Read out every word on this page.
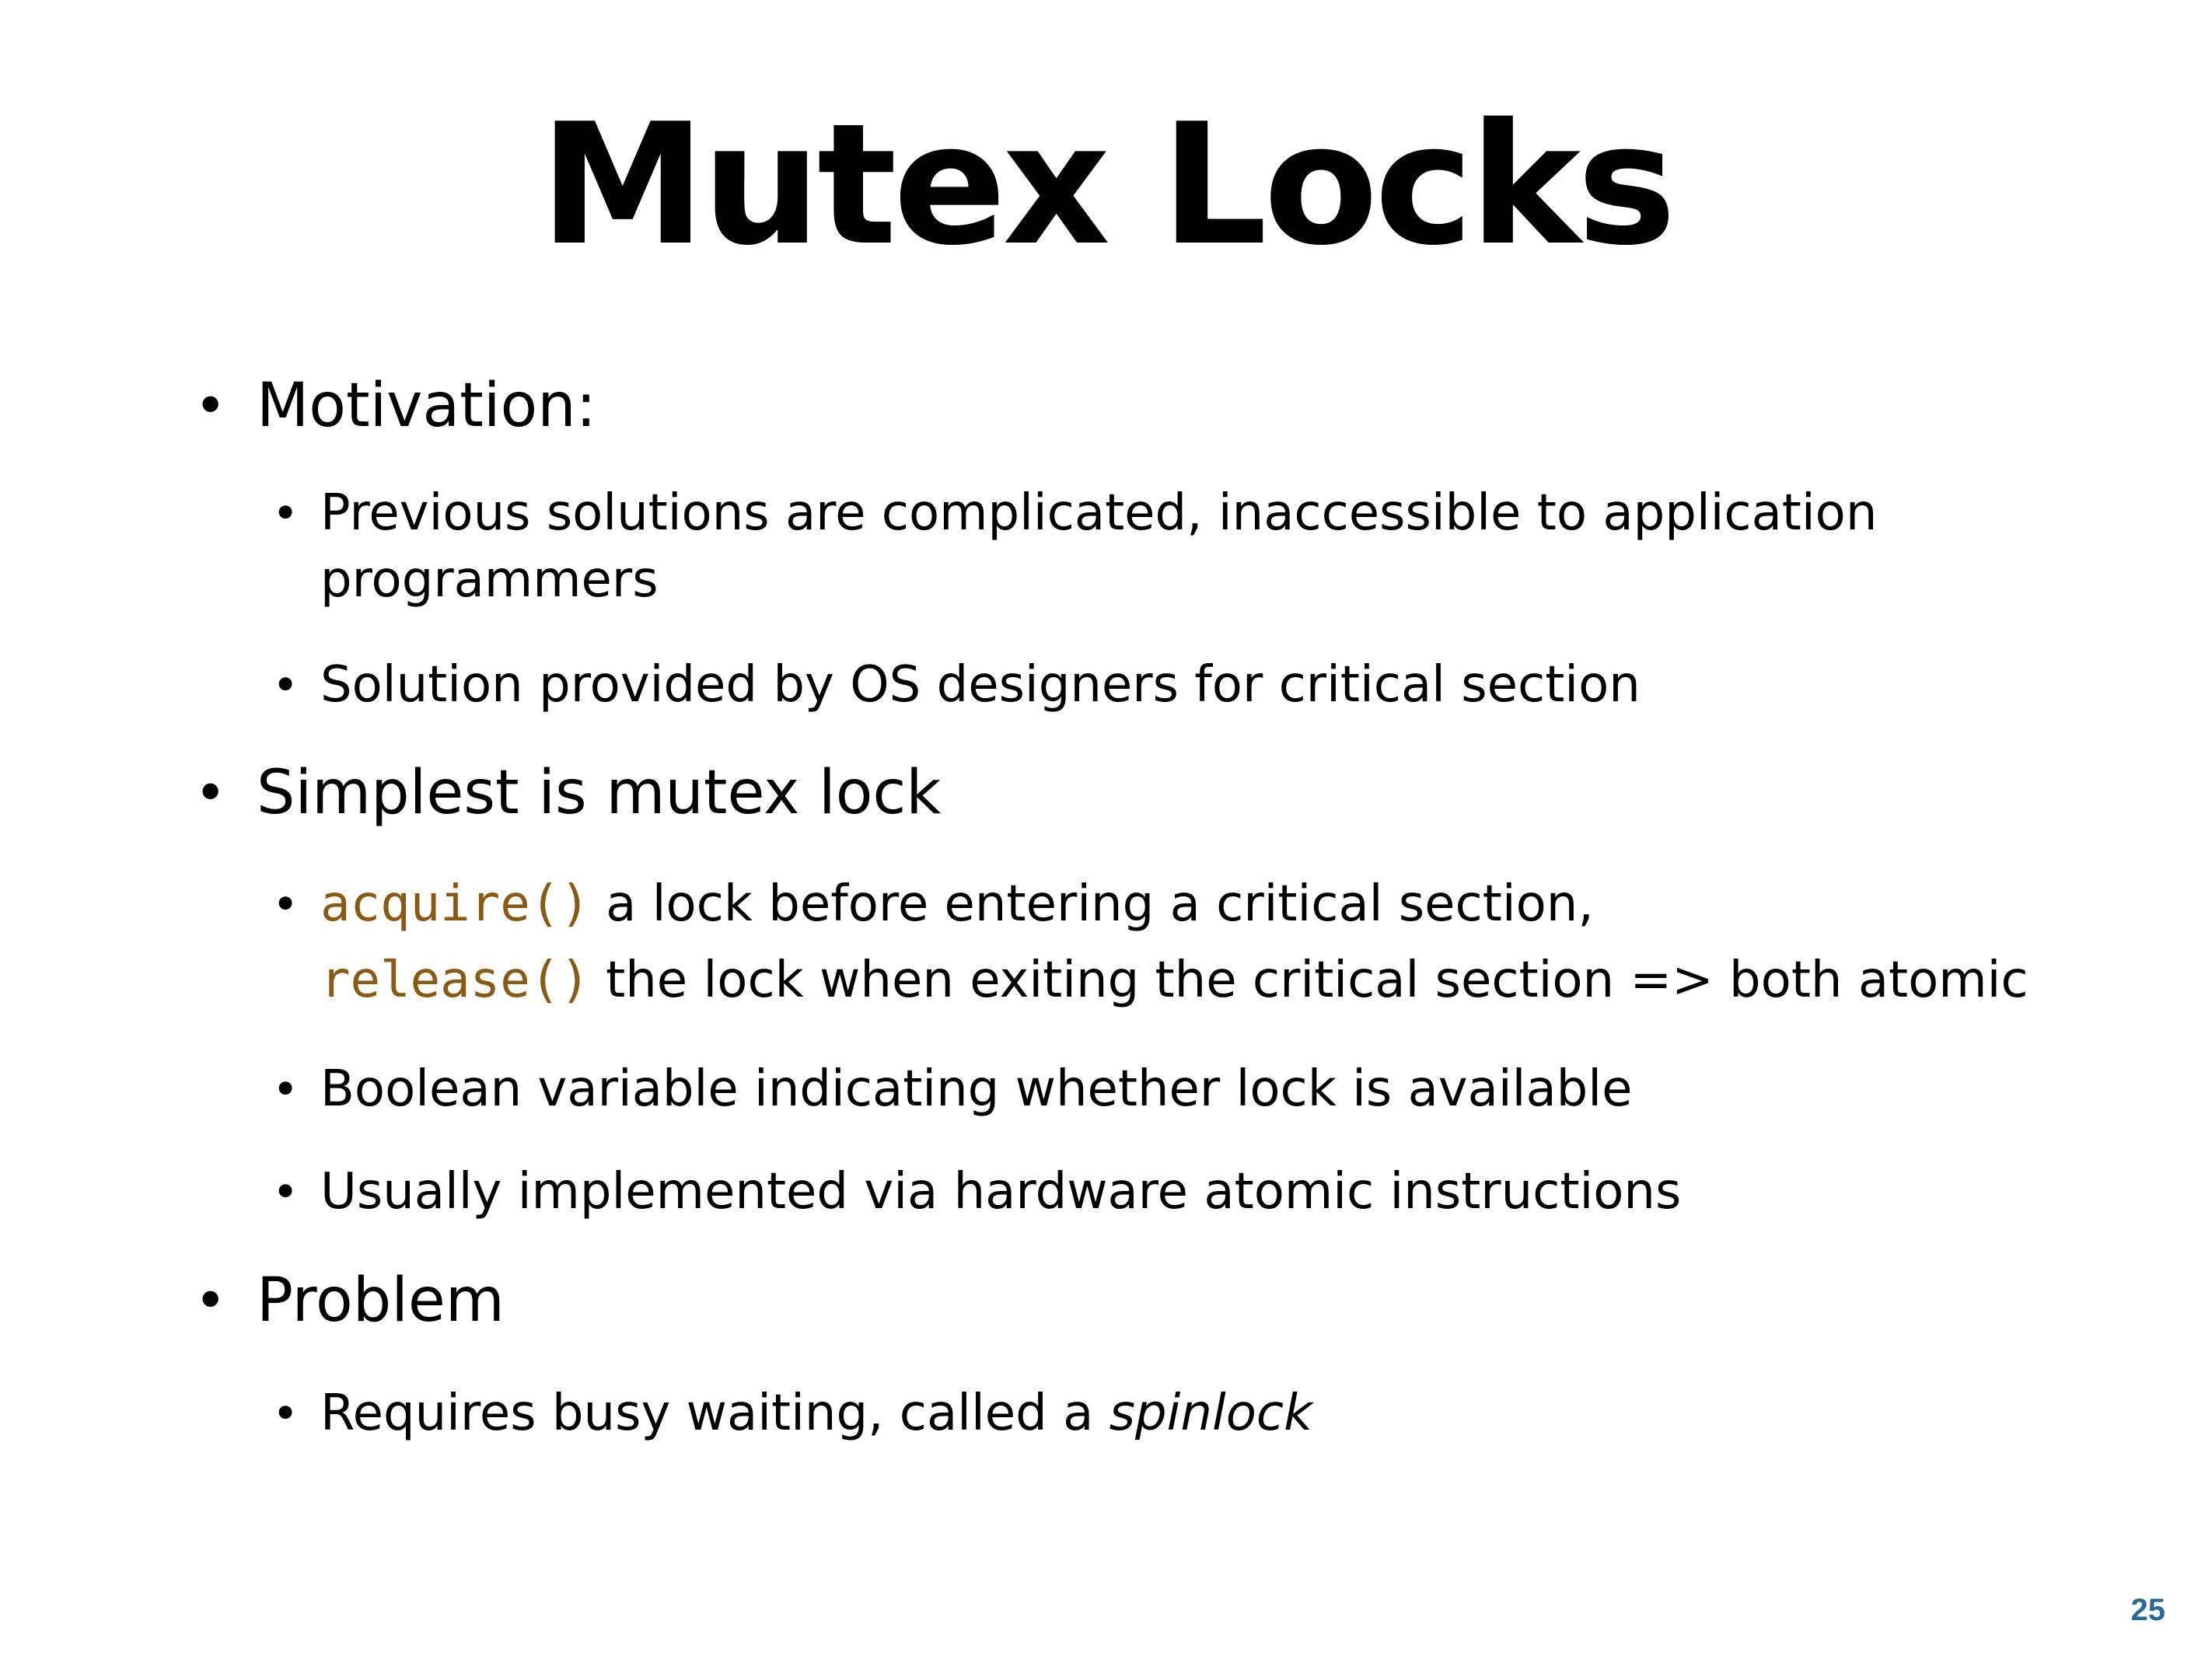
Mutex Locks
• Motivation:
• Previous solutions are complicated, inaccessible to application
programmers
• Solution provided by OS designers for critical section
• Simplest is mutex lock
• acquire() a lock before entering a critical section,
release() the lock when exiting the critical section => both atomic
• Boolean variable indicating whether lock is available
• Usually implemented via hardware atomic instructions
• Problem
• Requires busy waiting, called a spinlock
25
